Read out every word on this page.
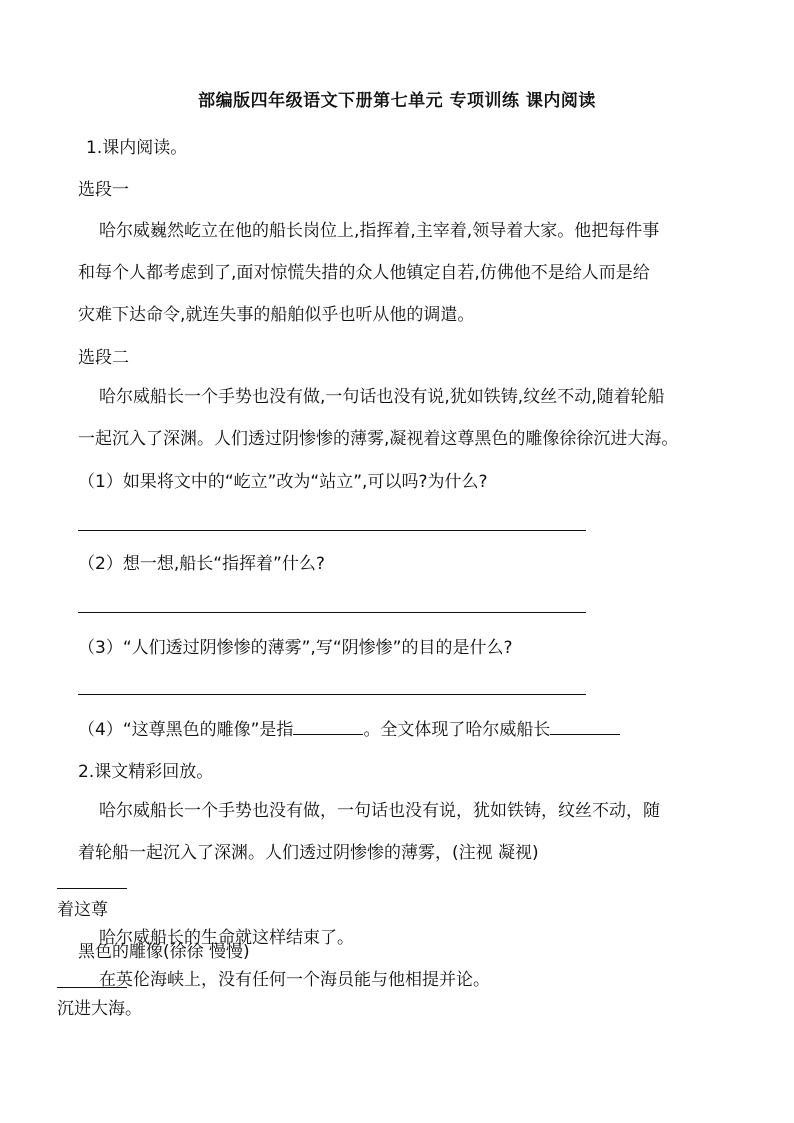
部编版四年级语文下册第七单元 专项训练 课内阅读
1.课内阅读。
选段一
哈尔威巍然屹立在他的船长岗位上,指挥着,主宰着,领导着大家。他把每件事
和每个人都考虑到了,面对惊慌失措的众人他镇定自若,仿佛他不是给人而是给
灾难下达命令,就连失事的船舶似乎也听从他的调遣。
选段二
哈尔威船长一个手势也没有做,一句话也没有说,犹如铁铸,纹丝不动,随着轮船
一起沉入了深渊。人们透过阴惨惨的薄雾,凝视着这尊黑色的雕像徐徐沉进大海。
（1）如果将文中的“屹立”改为“站立”,可以吗?为什么?
（2）想一想,船长“指挥着”什么?
（3）“人们透过阴惨惨的薄雾”,写“阴惨惨”的目的是什么?
（4）“这尊黑色的雕像”是指	。全文体现了哈尔威船长
2.课文精彩回放。
哈尔威船长一个手势也没有做，一句话也没有说，犹如铁铸，纹丝不动，随
着轮船一起沉入了深渊。人们透过阴惨惨的薄雾，(注视 凝视)
着这尊
黑色的雕像(徐徐 慢慢)
沉进大海。
哈尔威船长的生命就这样结束了。
在英伦海峡上，没有任何一个海员能与他相提并论。
